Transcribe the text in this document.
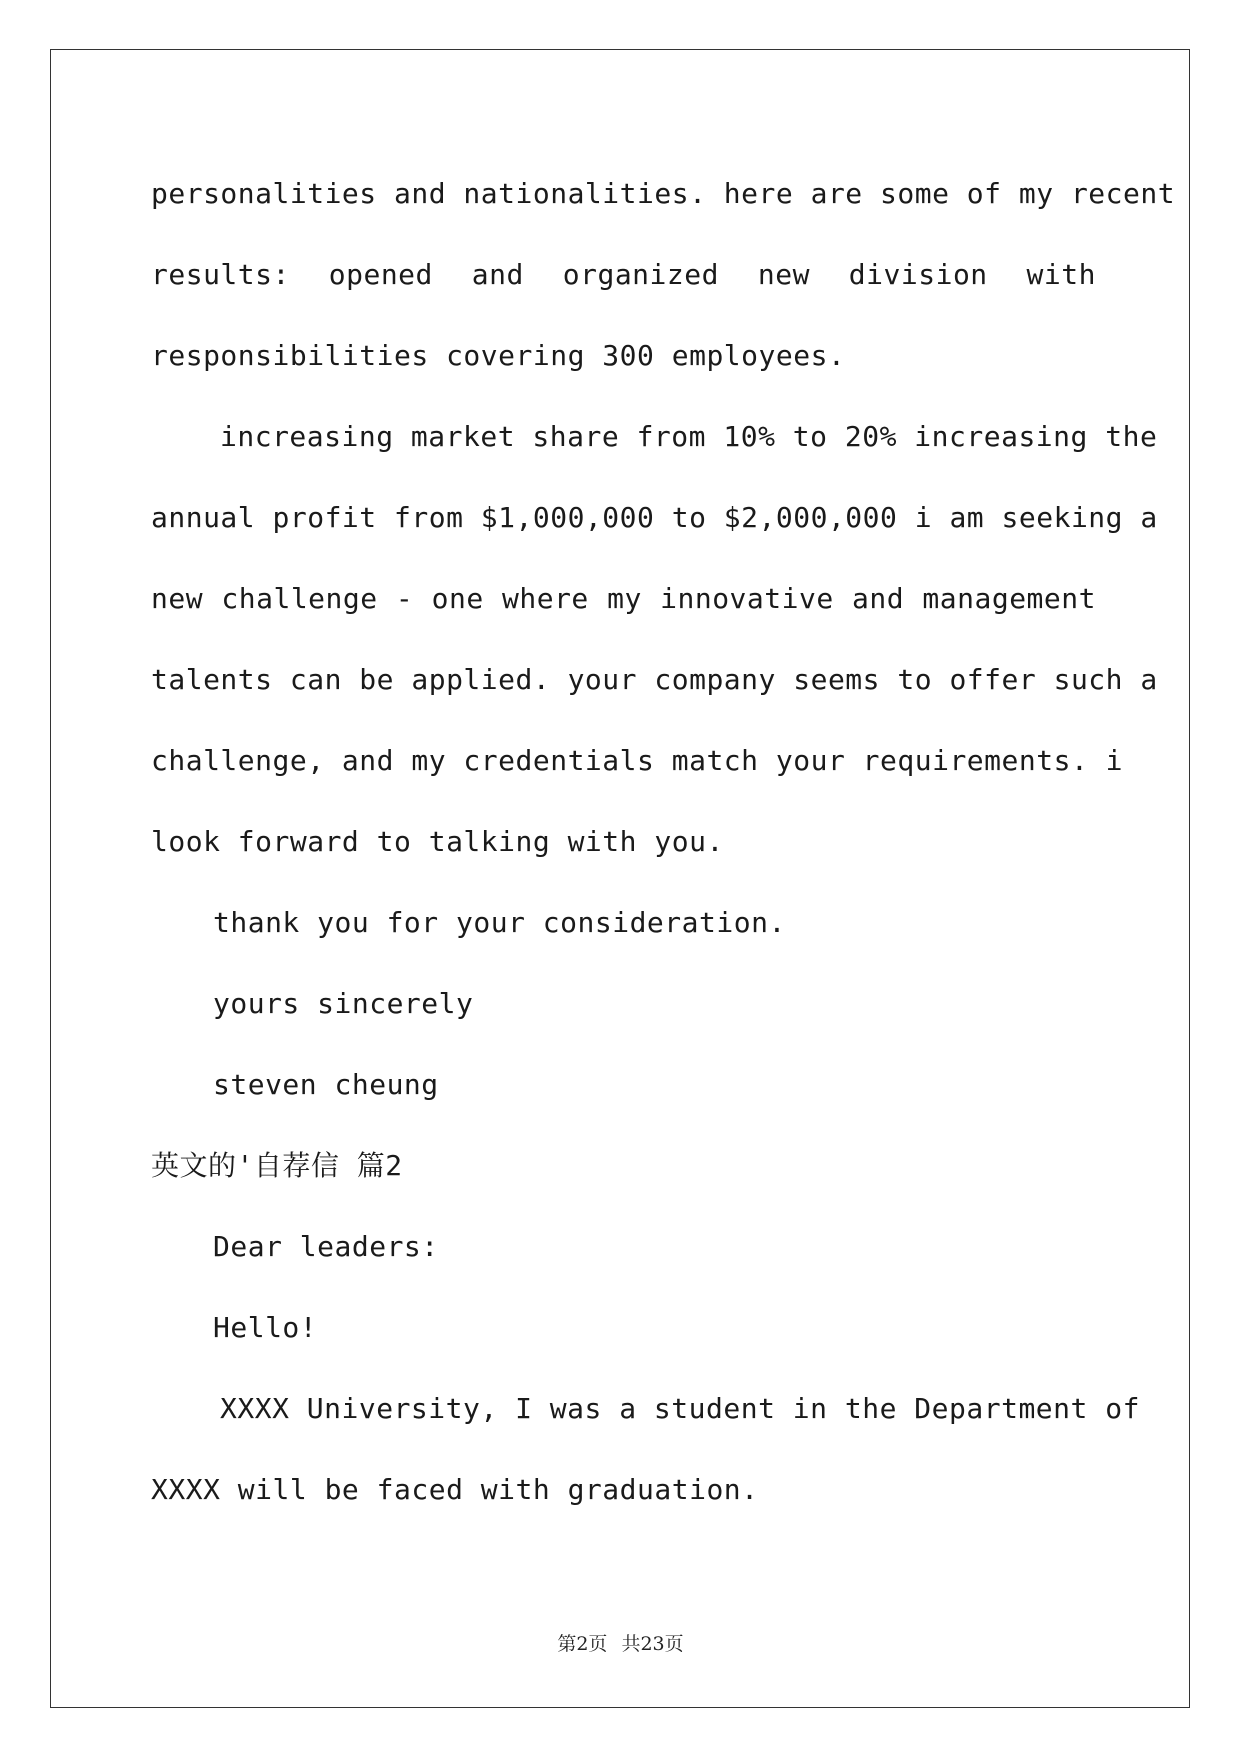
personalities and nationalities. here are some of my recent
results: opened and organized new division with
responsibilities covering 300 employees.
increasing market share from 10% to 20% increasing the
annual profit from $1,000,000 to $2,000,000 i am seeking a
new challenge - one where my innovative and management
talents can be applied. your company seems to offer such a
challenge, and my credentials match your requirements. i
look forward to talking with you.
thank you for your consideration.
yours sincerely
steven cheung
英文的'自荐信 篇2
Dear leaders:
Hello!
XXXX University, I was a student in the Department of
XXXX will be faced with graduation.
第2页 共23页
